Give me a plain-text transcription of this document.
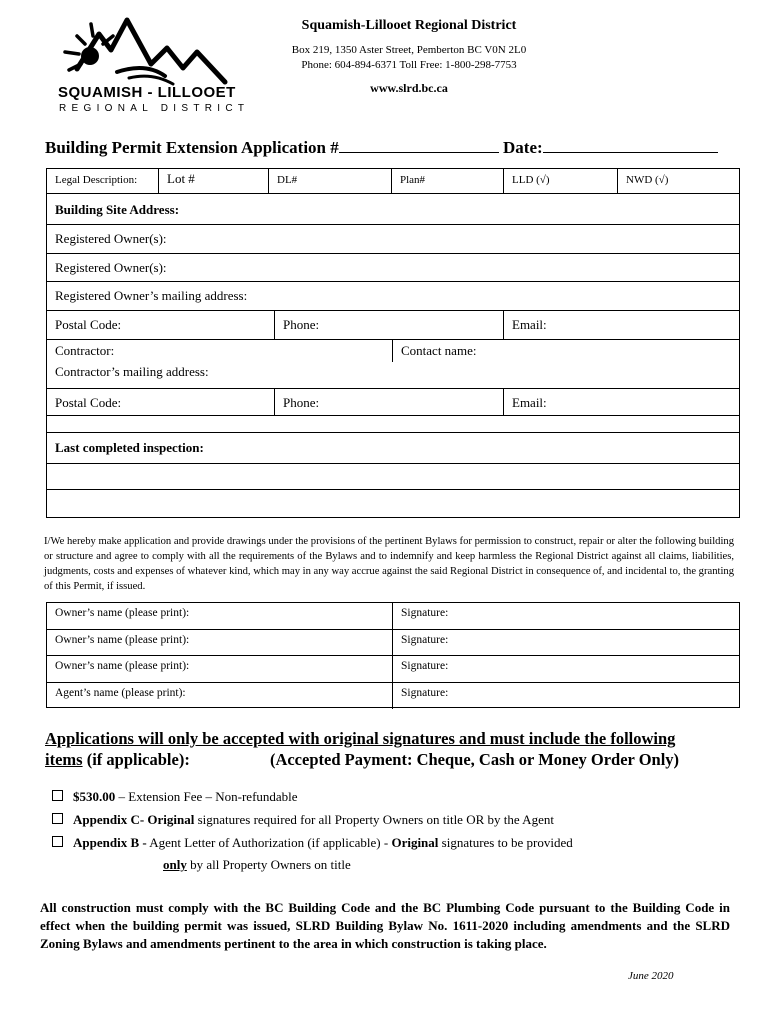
SQUAMISH - LILLOOET
REGIONAL DISTRICT
Squamish-Lillooet Regional District
Box 219, 1350 Aster Street, Pemberton BC V0N 2L0
Phone: 604-894-6371 Toll Free: 1-800-298-7753
www.slrd.bc.ca
Building Permit Extension Application #	Date:
Legal Description:	Lot #	DL#	Plan#	LLD (√)	NWD (√)
Building Site Address:
Registered Owner(s):
Registered Owner(s):
Registered Owner’s mailing address:
Postal Code:	Phone:	Email:
Contractor:	Contact name:
Contractor’s mailing address:
Postal Code:	Phone:	Email:
Last completed inspection:
I/We hereby make application and provide drawings under the provisions of the pertinent Bylaws for permission to construct, repair or alter the following building or structure and agree to comply with all the requirements of the Bylaws and to indemnify and keep harmless the Regional District against all claims, liabilities, judgments, costs and expenses of whatever kind, which may in any way accrue against the said Regional District in consequence of, and incidental to, the granting of this Permit, if issued.
Owner’s name (please print):	Signature:
Owner’s name (please print):	Signature:
Owner’s name (please print):	Signature:
Agent’s name (please print):	Signature:
Applications will only be accepted with original signatures and must include the following
items (if applicable):	(Accepted Payment: Cheque, Cash or Money Order Only)
$530.00 – Extension Fee – Non-refundable
Appendix C- Original signatures required for all Property Owners on title OR by the Agent
Appendix B - Agent Letter of Authorization (if applicable) - Original signatures to be provided
only by all Property Owners on title
All construction must comply with the BC Building Code and the BC Plumbing Code pursuant to the Building Code in effect when the building permit was issued, SLRD Building Bylaw No. 1611-2020 including amendments and the SLRD Zoning Bylaws and amendments pertinent to the area in which construction is taking place.
June 2020
